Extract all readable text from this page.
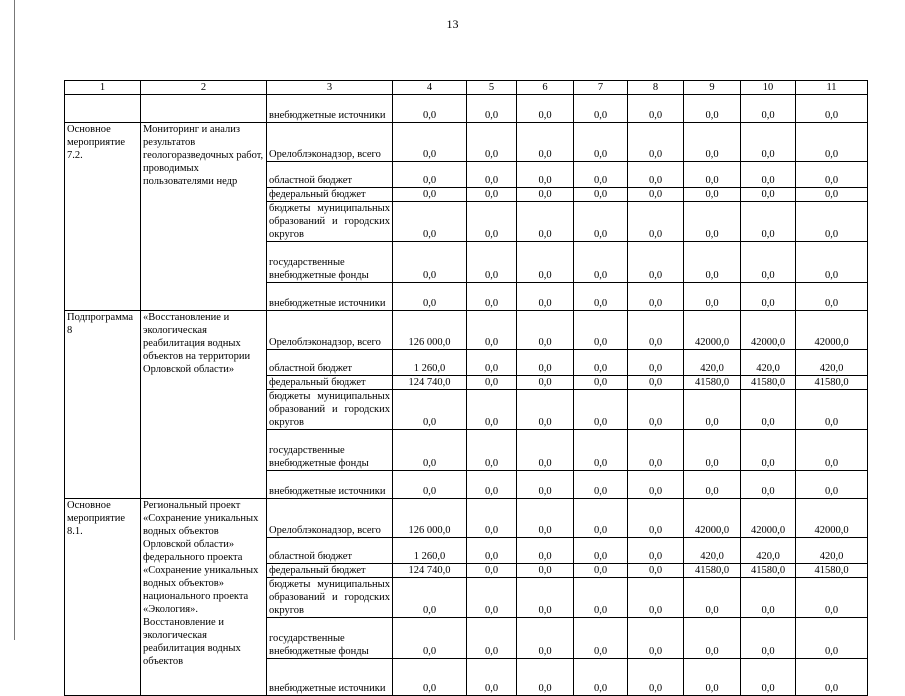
13
1	2	3	4	5	6	7	8	9	10	11
		внебюджетные источники	0,0	0,0	0,0	0,0	0,0	0,0	0,0	0,0
Основное мероприятие 7.2.	Мониторинг и анализ результатов геологоразведочных работ, проводимых пользователями недр	Орелоблэконадзор, всего	0,0	0,0	0,0	0,0	0,0	0,0	0,0	0,0
		областной бюджет	0,0	0,0	0,0	0,0	0,0	0,0	0,0	0,0
		федеральный бюджет	0,0	0,0	0,0	0,0	0,0	0,0	0,0	0,0
		бюджеты муниципальных образований и городских округов	0,0	0,0	0,0	0,0	0,0	0,0	0,0	0,0
		государственные внебюджетные фонды	0,0	0,0	0,0	0,0	0,0	0,0	0,0	0,0
		внебюджетные источники	0,0	0,0	0,0	0,0	0,0	0,0	0,0	0,0
Подпрограмма 8	«Восстановление и экологическая реабилитация водных объектов на территории Орловской области»	Орелоблэконадзор, всего	126 000,0	0,0	0,0	0,0	0,0	42000,0	42000,0	42000,0
		областной бюджет	1 260,0	0,0	0,0	0,0	0,0	420,0	420,0	420,0
		федеральный бюджет	124 740,0	0,0	0,0	0,0	0,0	41580,0	41580,0	41580,0
		бюджеты муниципальных образований и городских округов	0,0	0,0	0,0	0,0	0,0	0,0	0,0	0,0
		государственные внебюджетные фонды	0,0	0,0	0,0	0,0	0,0	0,0	0,0	0,0
		внебюджетные источники	0,0	0,0	0,0	0,0	0,0	0,0	0,0	0,0
Основное мероприятие 8.1.	Региональный проект «Сохранение уникальных водных объектов Орловской области» федерального проекта «Сохранение уникальных водных объектов» национального проекта «Экология». Восстановление и экологическая реабилитация водных объектов	Орелоблэконадзор, всего	126 000,0	0,0	0,0	0,0	0,0	42000,0	42000,0	42000,0
		областной бюджет	1 260,0	0,0	0,0	0,0	0,0	420,0	420,0	420,0
		федеральный бюджет	124 740,0	0,0	0,0	0,0	0,0	41580,0	41580,0	41580,0
		бюджеты муниципальных образований и городских округов	0,0	0,0	0,0	0,0	0,0	0,0	0,0	0,0
		государственные внебюджетные фонды	0,0	0,0	0,0	0,0	0,0	0,0	0,0	0,0
		внебюджетные источники	0,0	0,0	0,0	0,0	0,0	0,0	0,0	0,0
